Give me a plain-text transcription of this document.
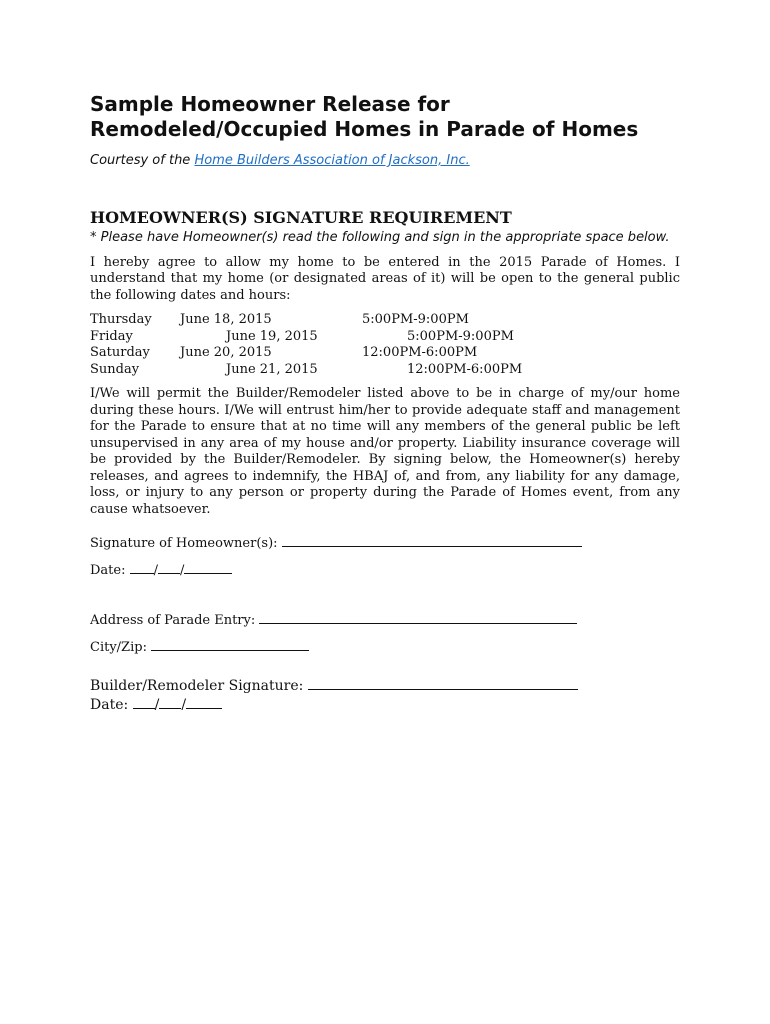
Sample Homeowner Release for
Remodeled/Occupied Homes in Parade of Homes
Courtesy of the Home Builders Association of Jackson, Inc.
HOMEOWNER(S) SIGNATURE REQUIREMENT
* Please have Homeowner(s) read the following and sign in the appropriate space below.
I hereby agree to allow my home to be entered in the 2015 Parade of Homes. I understand that my home (or designated areas of it) will be open to the general public the following dates and hours:
Thursday June 18, 2015	5:00PM-9:00PM
Friday	June 19, 2015	5:00PM-9:00PM
Saturday June 20, 2015	12:00PM-6:00PM
Sunday	June 21, 2015	12:00PM-6:00PM
I/We will permit the Builder/Remodeler listed above to be in charge of my/our home during these hours. I/We will entrust him/her to provide adequate staff and management for the Parade to ensure that at no time will any members of the general public be left unsupervised in any area of my house and/or property. Liability insurance coverage will be provided by the Builder/Remodeler. By signing below, the Homeowner(s) hereby releases, and agrees to indemnify, the HBAJ of, and from, any liability for any damage, loss, or injury to any person or property during the Parade of Homes event, from any cause whatsoever.
Signature of Homeowner(s):
Date: / /
Address of Parade Entry:
City/Zip:
Builder/Remodeler Signature:
Date: / /
